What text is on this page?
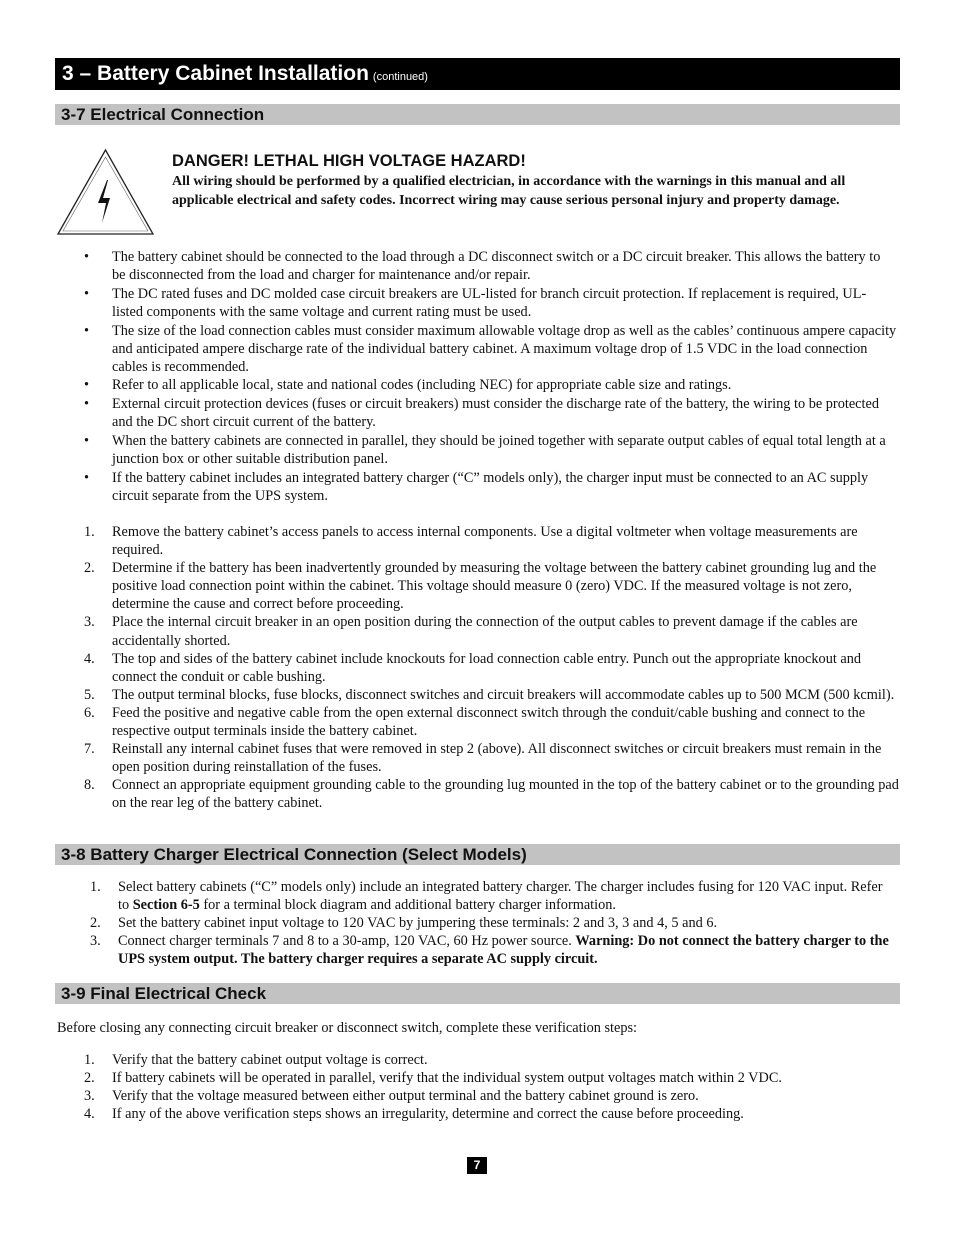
3 – Battery Cabinet Installation (continued)
3-7 Electrical Connection
DANGER! LETHAL HIGH VOLTAGE HAZARD!
All wiring should be performed by a qualified electrician, in accordance with the warnings in this manual and all applicable electrical and safety codes. Incorrect wiring may cause serious personal injury and property damage.
• The battery cabinet should be connected to the load through a DC disconnect switch or a DC circuit breaker. This allows the battery to be disconnected from the load and charger for maintenance and/or repair.
• The DC rated fuses and DC molded case circuit breakers are UL-listed for branch circuit protection. If replacement is required, UL-listed components with the same voltage and current rating must be used.
• The size of the load connection cables must consider maximum allowable voltage drop as well as the cables’ continuous ampere capacity and anticipated ampere discharge rate of the individual battery cabinet. A maximum voltage drop of 1.5 VDC in the load connection cables is recommended.
• Refer to all applicable local, state and national codes (including NEC) for appropriate cable size and ratings.
• External circuit protection devices (fuses or circuit breakers) must consider the discharge rate of the battery, the wiring to be protected and the DC short circuit current of the battery.
• When the battery cabinets are connected in parallel, they should be joined together with separate output cables of equal total length at a junction box or other suitable distribution panel.
• If the battery cabinet includes an integrated battery charger (“C” models only), the charger input must be connected to an AC supply circuit separate from the UPS system.
1. Remove the battery cabinet’s access panels to access internal components. Use a digital voltmeter when voltage measurements are required.
2. Determine if the battery has been inadvertently grounded by measuring the voltage between the battery cabinet grounding lug and the positive load connection point within the cabinet. This voltage should measure 0 (zero) VDC. If the measured voltage is not zero, determine the cause and correct before proceeding.
3. Place the internal circuit breaker in an open position during the connection of the output cables to prevent damage if the cables are accidentally shorted.
4. The top and sides of the battery cabinet include knockouts for load connection cable entry. Punch out the appropriate knockout and connect the conduit or cable bushing.
5. The output terminal blocks, fuse blocks, disconnect switches and circuit breakers will accommodate cables up to 500 MCM (500 kcmil).
6. Feed the positive and negative cable from the open external disconnect switch through the conduit/cable bushing and connect to the respective output terminals inside the battery cabinet.
7. Reinstall any internal cabinet fuses that were removed in step 2 (above). All disconnect switches or circuit breakers must remain in the open position during reinstallation of the fuses.
8. Connect an appropriate equipment grounding cable to the grounding lug mounted in the top of the battery cabinet or to the grounding pad on the rear leg of the battery cabinet.
3-8 Battery Charger Electrical Connection (Select Models)
1. Select battery cabinets (“C” models only) include an integrated battery charger. The charger includes fusing for 120 VAC input. Refer to Section 6-5 for a terminal block diagram and additional battery charger information.
2. Set the battery cabinet input voltage to 120 VAC by jumpering these terminals: 2 and 3, 3 and 4, 5 and 6.
3. Connect charger terminals 7 and 8 to a 30-amp, 120 VAC, 60 Hz power source. Warning: Do not connect the battery charger to the UPS system output. The battery charger requires a separate AC supply circuit.
3-9 Final Electrical Check
Before closing any connecting circuit breaker or disconnect switch, complete these verification steps:
1. Verify that the battery cabinet output voltage is correct.
2. If battery cabinets will be operated in parallel, verify that the individual system output voltages match within 2 VDC.
3. Verify that the voltage measured between either output terminal and the battery cabinet ground is zero.
4. If any of the above verification steps shows an irregularity, determine and correct the cause before proceeding.
7
